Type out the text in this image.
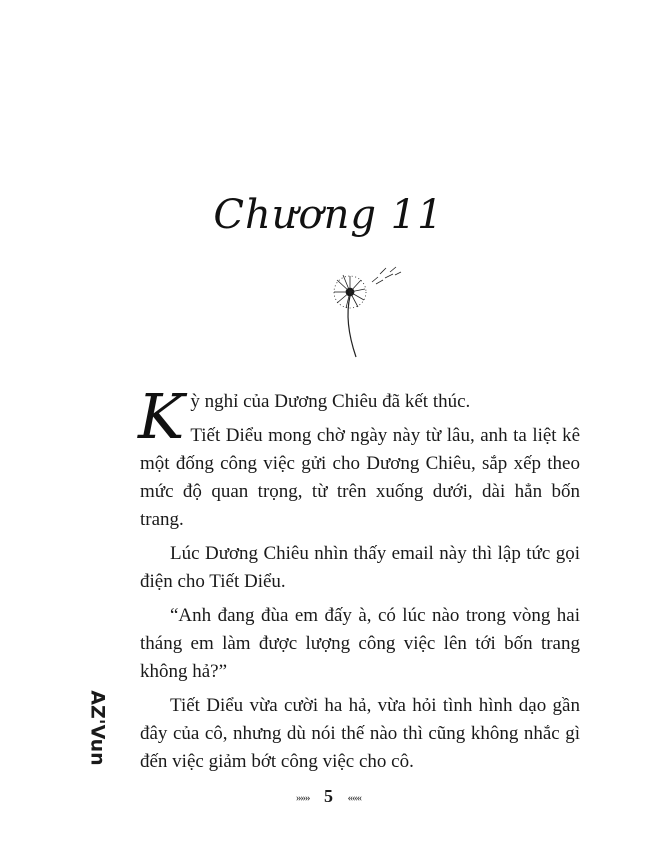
Chương 11

Kỳ nghỉ của Dương Chiêu đã kết thúc.

Tiết Diểu mong chờ ngày này từ lâu, anh ta liệt kê một đống công việc gửi cho Dương Chiêu, sắp xếp theo mức độ quan trọng, từ trên xuống dưới, dài hẳn bốn trang.

Lúc Dương Chiêu nhìn thấy email này thì lập tức gọi điện cho Tiết Diểu.

“Anh đang đùa em đấy à, có lúc nào trong vòng hai tháng em làm được lượng công việc lên tới bốn trang không hả?”

Tiết Diểu vừa cười ha hả, vừa hỏi tình hình dạo gần đây của cô, nhưng dù nói thế nào thì cũng không nhắc gì đến việc giảm bớt công việc cho cô.

AZ'Vun
»»» 5 «««
